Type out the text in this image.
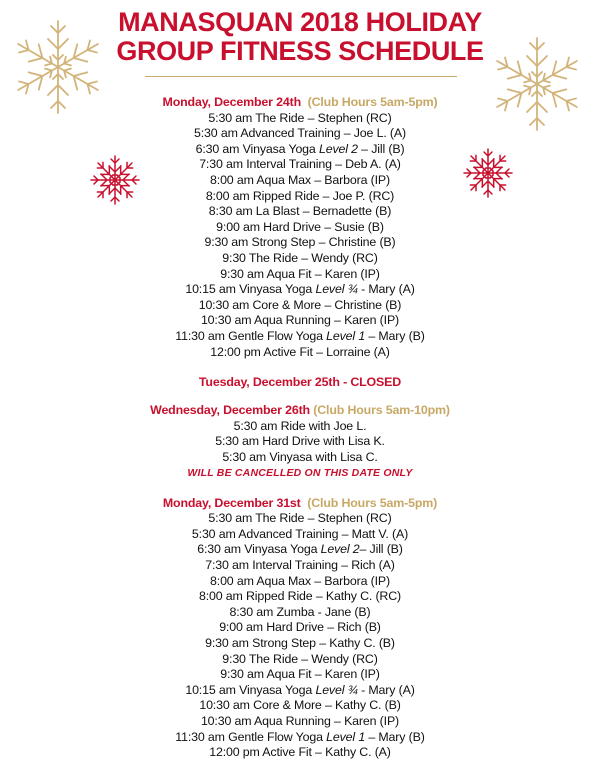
MANASQUAN 2018 HOLIDAY
GROUP FITNESS SCHEDULE
Monday, December 24th (Club Hours 5am-5pm)
5:30 am The Ride – Stephen (RC)
5:30 am Advanced Training – Joe L. (A)
6:30 am Vinyasa Yoga Level 2 – Jill (B)
7:30 am Interval Training – Deb A. (A)
8:00 am Aqua Max – Barbora (IP)
8:00 am Ripped Ride – Joe P. (RC)
8:30 am La Blast – Bernadette (B)
9:00 am Hard Drive – Susie (B)
9:30 am Strong Step – Christine (B)
9:30 The Ride – Wendy (RC)
9:30 am Aqua Fit – Karen (IP)
10:15 am Vinyasa Yoga Level ¾ - Mary (A)
10:30 am Core & More – Christine (B)
10:30 am Aqua Running – Karen (IP)
11:30 am Gentle Flow Yoga Level 1 – Mary (B)
12:00 pm Active Fit – Lorraine (A)
Tuesday, December 25th - CLOSED
Wednesday, December 26th (Club Hours 5am-10pm)
5:30 am Ride with Joe L.
5:30 am Hard Drive with Lisa K.
5:30 am Vinyasa with Lisa C.
WILL BE CANCELLED ON THIS DATE ONLY
Monday, December 31st (Club Hours 5am-5pm)
5:30 am The Ride – Stephen (RC)
5:30 am Advanced Training – Matt V. (A)
6:30 am Vinyasa Yoga Level 2– Jill (B)
7:30 am Interval Training – Rich (A)
8:00 am Aqua Max – Barbora (IP)
8:00 am Ripped Ride – Kathy C. (RC)
8:30 am Zumba - Jane (B)
9:00 am Hard Drive – Rich (B)
9:30 am Strong Step – Kathy C. (B)
9:30 The Ride – Wendy (RC)
9:30 am Aqua Fit – Karen (IP)
10:15 am Vinyasa Yoga Level ¾ - Mary (A)
10:30 am Core & More – Kathy C. (B)
10:30 am Aqua Running – Karen (IP)
11:30 am Gentle Flow Yoga Level 1 – Mary (B)
12:00 pm Active Fit – Kathy C. (A)
